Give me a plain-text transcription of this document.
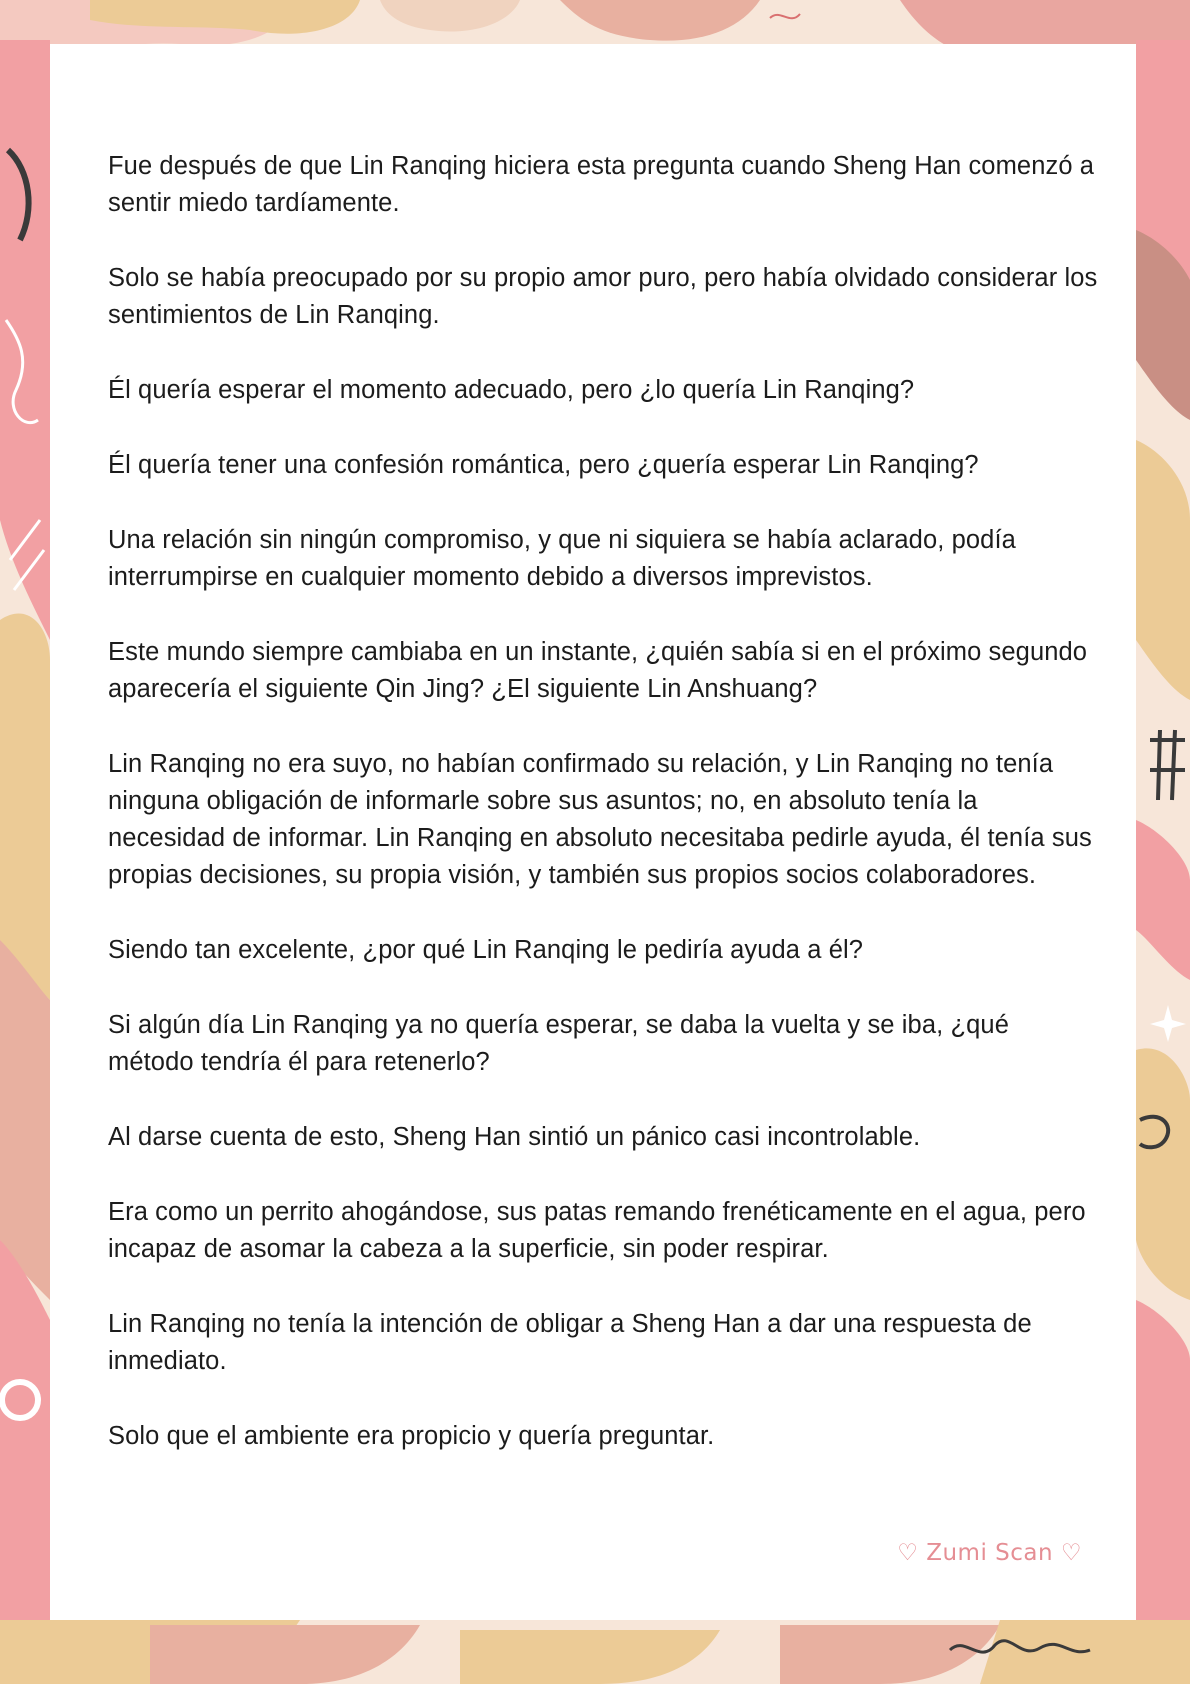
Fue después de que Lin Ranqing hiciera esta pregunta cuando Sheng Han comenzó a sentir miedo tardíamente.

Solo se había preocupado por su propio amor puro, pero había olvidado considerar los sentimientos de Lin Ranqing.

Él quería esperar el momento adecuado, pero ¿lo quería Lin Ranqing?

Él quería tener una confesión romántica, pero ¿quería esperar Lin Ranqing?

Una relación sin ningún compromiso, y que ni siquiera se había aclarado, podía interrumpirse en cualquier momento debido a diversos imprevistos.

Este mundo siempre cambiaba en un instante, ¿quién sabía si en el próximo segundo aparecería el siguiente Qin Jing? ¿El siguiente Lin Anshuang?

Lin Ranqing no era suyo, no habían confirmado su relación, y Lin Ranqing no tenía ninguna obligación de informarle sobre sus asuntos; no, en absoluto tenía la necesidad de informar. Lin Ranqing en absoluto necesitaba pedirle ayuda, él tenía sus propias decisiones, su propia visión, y también sus propios socios colaboradores.

Siendo tan excelente, ¿por qué Lin Ranqing le pediría ayuda a él?

Si algún día Lin Ranqing ya no quería esperar, se daba la vuelta y se iba, ¿qué método tendría él para retenerlo?

Al darse cuenta de esto, Sheng Han sintió un pánico casi incontrolable.

Era como un perrito ahogándose, sus patas remando frenéticamente en el agua, pero incapaz de asomar la cabeza a la superficie, sin poder respirar.

Lin Ranqing no tenía la intención de obligar a Sheng Han a dar una respuesta de inmediato.

Solo que el ambiente era propicio y quería preguntar.

♡ Zumi Scan ♡
